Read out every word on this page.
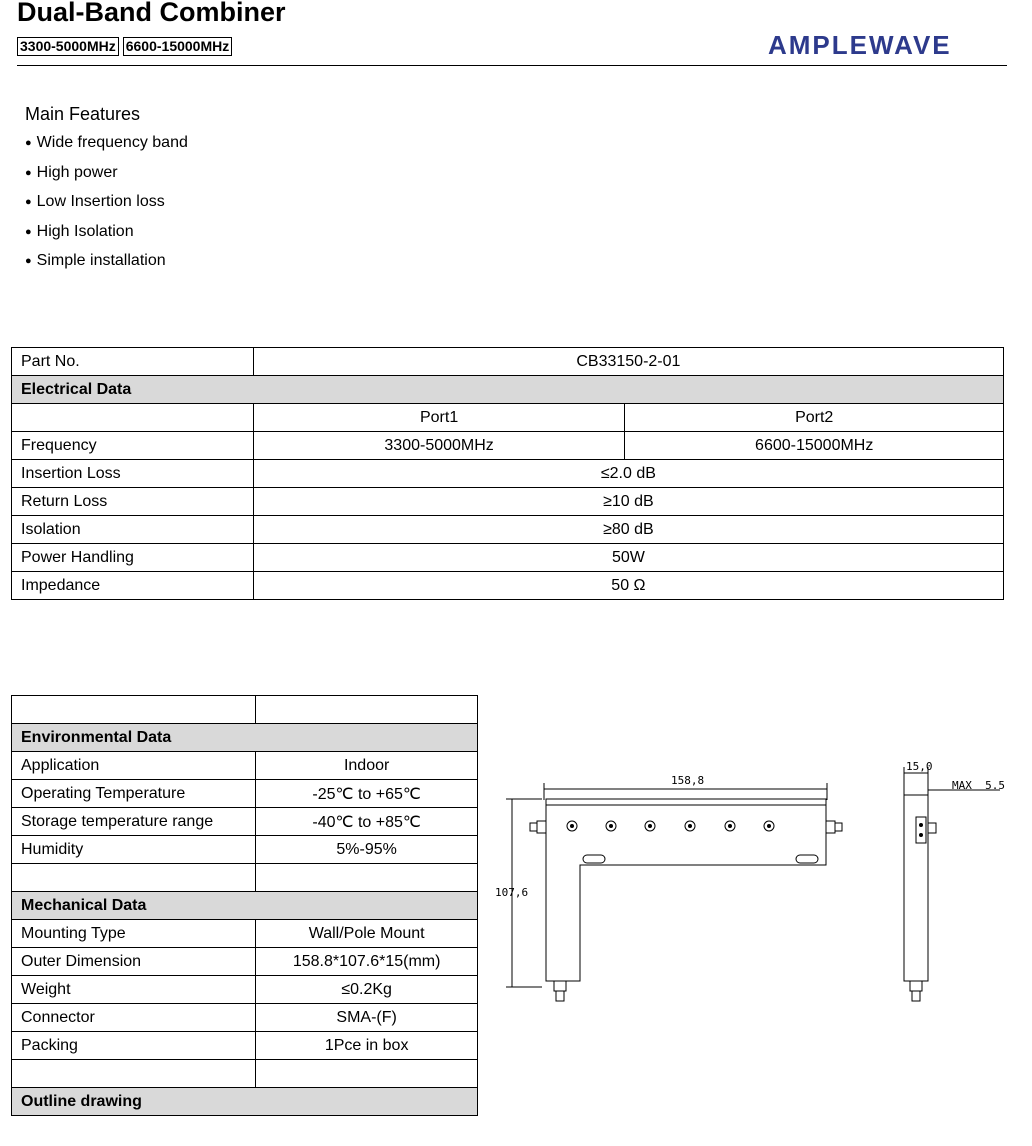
Dual-Band Combiner
3300-5000MHz 6600-15000MHz	AMPLEWAVE
Main Features
● Wide frequency band
● High power
● Low Insertion loss
● High Isolation
● Simple installation
Part No.	CB33150-2-01	
Electrical Data		
	Port1	Port2
Frequency	3300-5000MHz	6600-15000MHz
Insertion Loss	≤2.0 dB	
Return Loss	≥10 dB	
Isolation	≥80 dB	
Power Handling	50W	
Impedance	50 Ω	

Environmental Data	
Application	Indoor
Operating Temperature	-25℃ to +65℃
Storage temperature range	-40℃ to +85℃
Humidity	5%-95%

Mechanical Data	
Mounting Type	Wall/Pole Mount
Outer Dimension	158.8*107.6*15(mm)
Weight	≤0.2Kg
Connector	SMA-(F)
Packing	1Pce in box

Outline drawing	
158,8
107,6
15,0
MAX  5.5
